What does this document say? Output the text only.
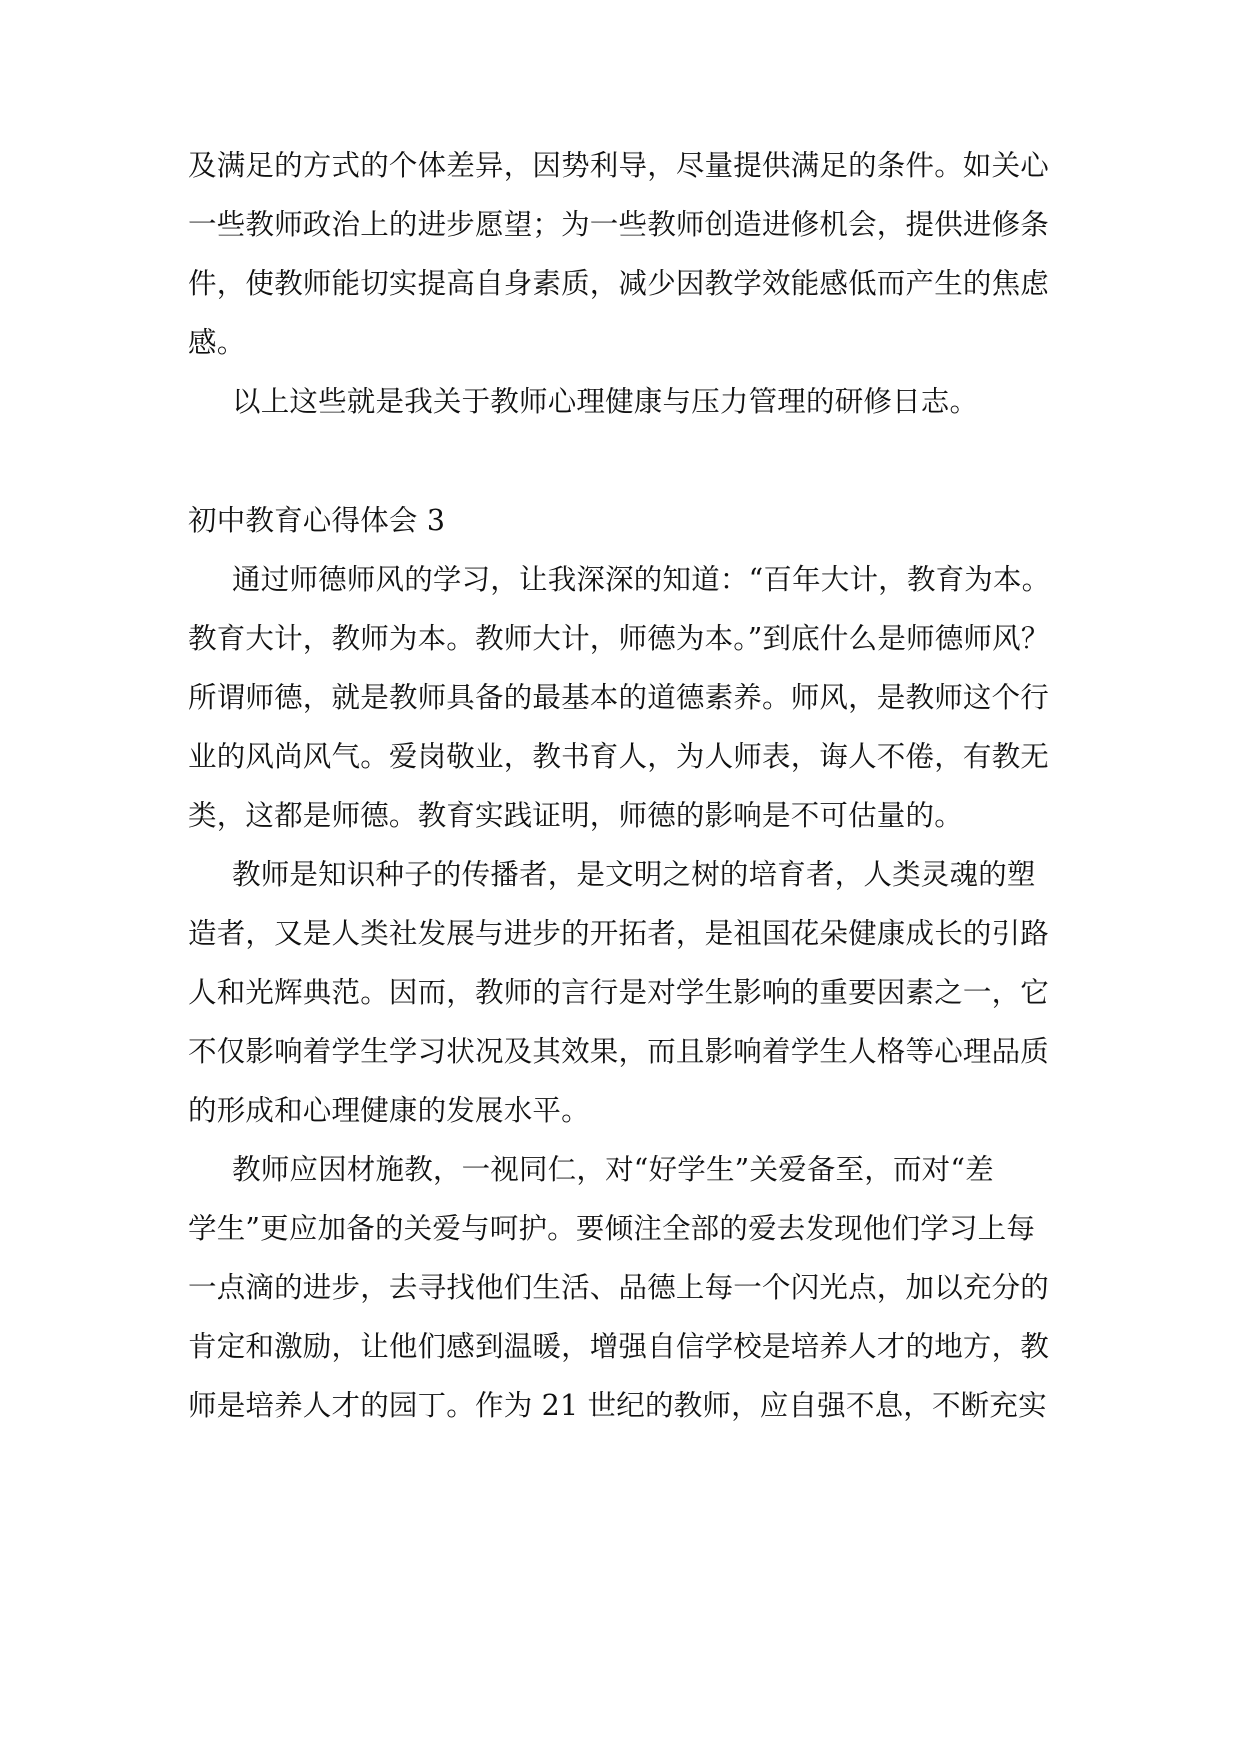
及满足的方式的个体差异，因势利导，尽量提供满足的条件。如关心
一些教师政治上的进步愿望；为一些教师创造进修机会，提供进修条
件，使教师能切实提高自身素质，减少因教学效能感低而产生的焦虑
感。
以上这些就是我关于教师心理健康与压力管理的研修日志。
初中教育心得体会 3
通过师德师风的学习，让我深深的知道：“百年大计，教育为本。
教育大计，教师为本。教师大计，师德为本。”到底什么是师德师风？
所谓师德，就是教师具备的最基本的道德素养。师风，是教师这个行
业的风尚风气。爱岗敬业，教书育人，为人师表，诲人不倦，有教无
类，这都是师德。教育实践证明，师德的影响是不可估量的。
教师是知识种子的传播者，是文明之树的培育者，人类灵魂的塑
造者，又是人类社发展与进步的开拓者，是祖国花朵健康成长的引路
人和光辉典范。因而，教师的言行是对学生影响的重要因素之一，它
不仅影响着学生学习状况及其效果，而且影响着学生人格等心理品质
的形成和心理健康的发展水平。
教师应因材施教，一视同仁，对“好学生”关爱备至，而对“差
学生”更应加备的关爱与呵护。要倾注全部的爱去发现他们学习上每
一点滴的进步，去寻找他们生活、品德上每一个闪光点，加以充分的
肯定和激励，让他们感到温暖，增强自信学校是培养人才的地方，教
师是培养人才的园丁。作为 21 世纪的教师，应自强不息，不断充实
